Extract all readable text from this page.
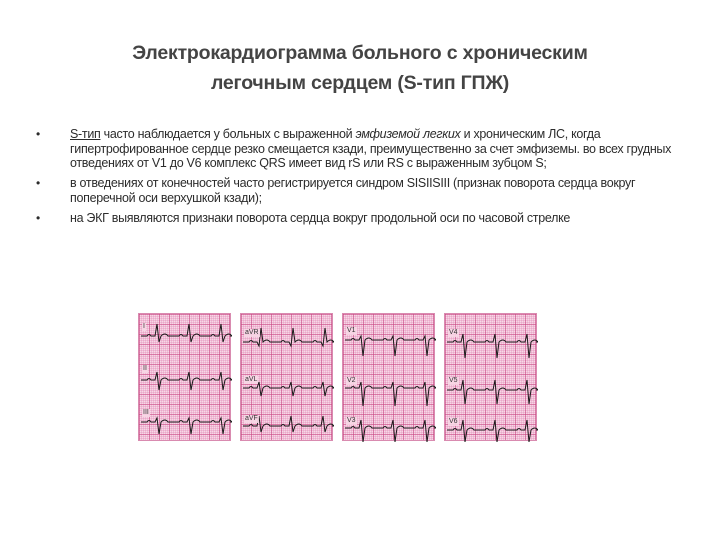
Электрокардиограмма больного с хроническим
легочным сердцем (S-тип ГПЖ)
• S-тип часто наблюдается у больных с выраженной эмфиземой легких и хроническим ЛС, когда гипертрофированное сердце резко смещается кзади, преимущественно за счет эмфиземы. во всех грудных отведениях от V1 до V6 комплекс QRS имеет вид rS или RS с выраженным зубцом S;
• в отведениях от конечностей часто регистрируется синдром SISIISIII (признак поворота сердца вокруг поперечной оси верхушкой кзади);
• на ЭКГ выявляются признаки поворота сердца вокруг продольной оси по часовой стрелке
I
II
III
aVR
aVL
aVF
V1
V2
V3
V4
V5
V6
